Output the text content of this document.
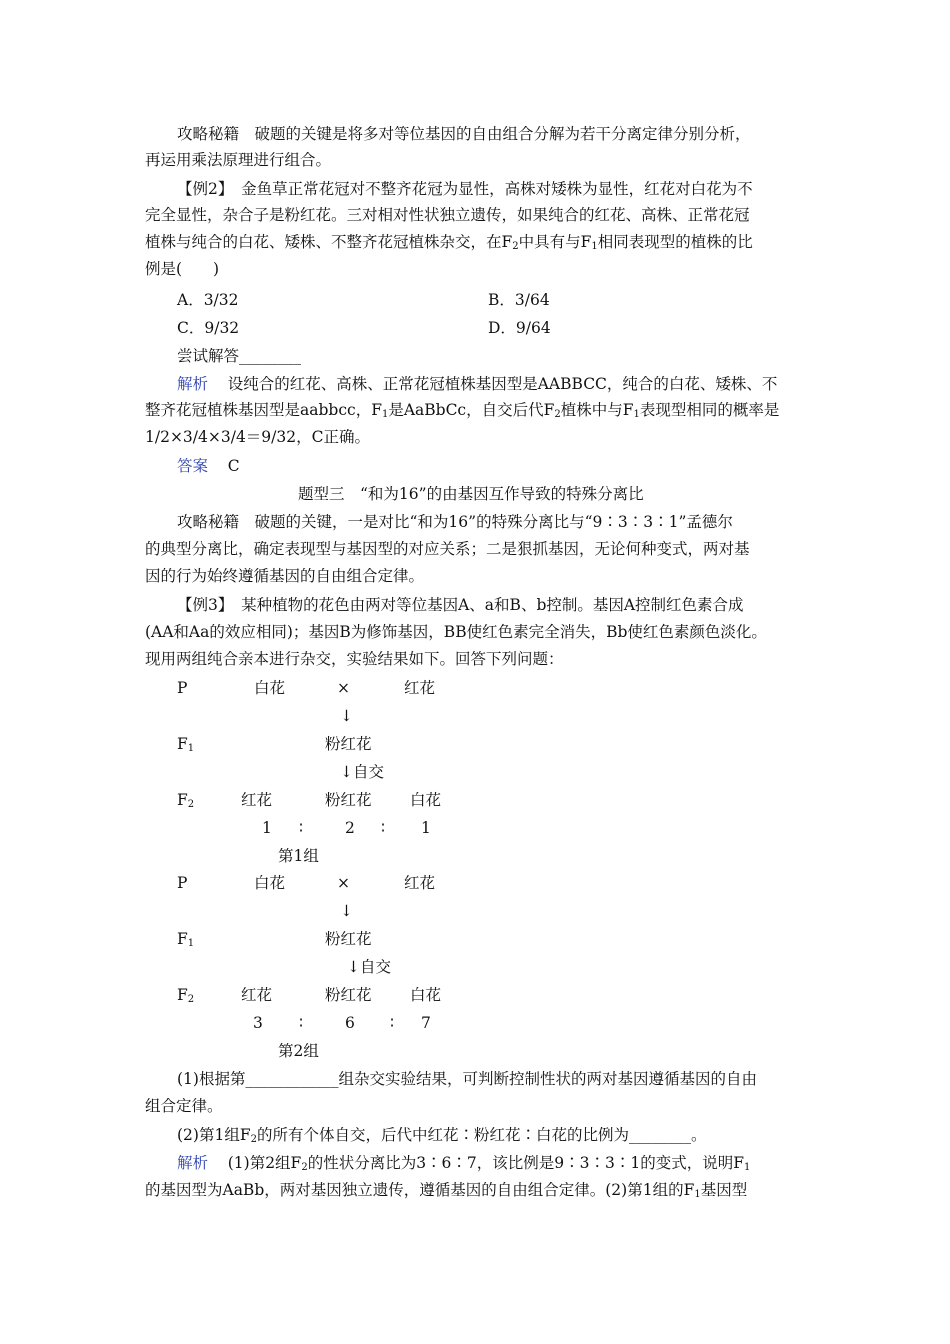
攻略秘籍　破题的关键是将多对等位基因的自由组合分解为若干分离定律分别分析，
再运用乘法原理进行组合。
【例2】　金鱼草正常花冠对不整齐花冠为显性，高株对矮株为显性，红花对白花为不
完全显性，杂合子是粉红花。三对相对性状独立遗传，如果纯合的红花、高株、正常花冠
植株与纯合的白花、矮株、不整齐花冠植株杂交，在$F_2$中具有与$F_1$相同表现型的植株的比
例是(　　)
A．3/32	B．3/64
C．9/32	D．9/64
尝试解答________
解析 设纯合的红花、高株、正常花冠植株基因型是AABBCC，纯合的白花、矮株、不
整齐花冠植株基因型是aabbcc，$F_1$是AaBbCc，自交后代$F_2$植株中与$F_1$表现型相同的概率是
1/2×3/4×3/4＝9/32，C正确。
答案 C
题型三　“和为16”的由基因互作导致的特殊分离比
攻略秘籍　破题的关键，一是对比“和为16”的特殊分离比与“9∶3∶3∶1”孟德尔
的典型分离比，确定表现型与基因型的对应关系；二是狠抓基因，无论何种变式，两对基
因的行为始终遵循基因的自由组合定律。
【例3】　某种植物的花色由两对等位基因A、a和B、b控制。基因A控制红色素合成
(AA和Aa的效应相同)；基因B为修饰基因，BB使红色素完全消失，Bb使红色素颜色淡化。
现用两组纯合亲本进行杂交，实验结果如下。回答下列问题：
P	白花	×	红花
↓
$F_1$	粉红花
↓自交
$F_2$	红花	粉红花 白花
1 ∶	2 ∶ 1
第1组
P	白花	×	红花
↓
$F_1$	粉红花
↓自交
$F_2$	红花	粉红花 白花
3 ∶	6 ∶ 7
第2组
(1)根据第____________组杂交实验结果，可判断控制性状的两对基因遵循基因的自由
组合定律。
(2)第1组$F_2$的所有个体自交，后代中红花∶粉红花∶白花的比例为________。
解析 (1)第2组$F_2$的性状分离比为3∶6∶7，该比例是9∶3∶3∶1的变式，说明$F_1$
的基因型为AaBb，两对基因独立遗传，遵循基因的自由组合定律。(2)第1组的$F_1$基因型
